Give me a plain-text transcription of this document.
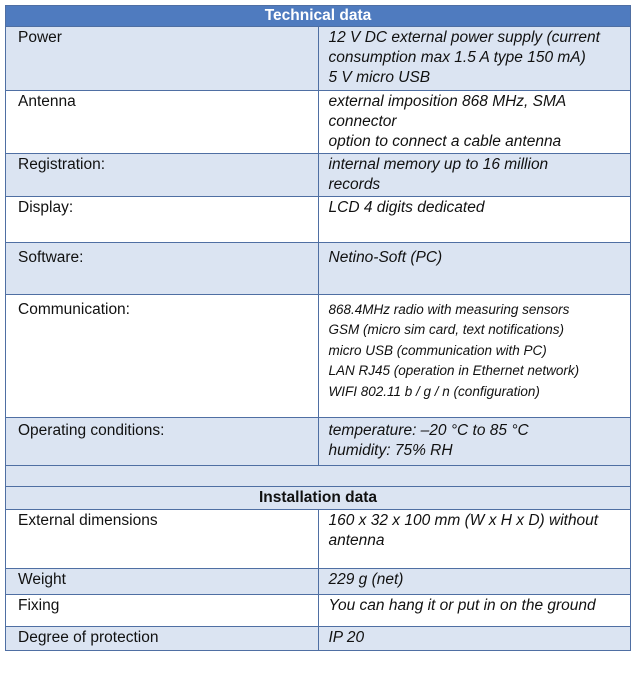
Technical data	
Power	12 V DC external power supply (current
consumption max 1.5 A type 150 mA)
5 V micro USB

Antenna	external imposition 868 MHz, SMA
connector
option to connect a cable antenna

Registration:	internal memory up to 16 million
records

Display:	LCD 4 digits dedicated

Software:	Netino-Soft (PC)

Communication:	868.4MHz radio with measuring sensors
GSM (micro sim card, text notifications)
micro USB (communication with PC)
LAN RJ45 (operation in Ethernet network)
WIFI 802.11 b / g / n (configuration)

Operating conditions:	temperature: –20 °C to 85 °C
humidity: 75% RH

Installation data	
External dimensions	160 x 32 x 100 mm (W x H x D) without
antenna

Weight	229 g (net)

Fixing	You can hang it or put in on the ground

Degree of protection	IP 20
